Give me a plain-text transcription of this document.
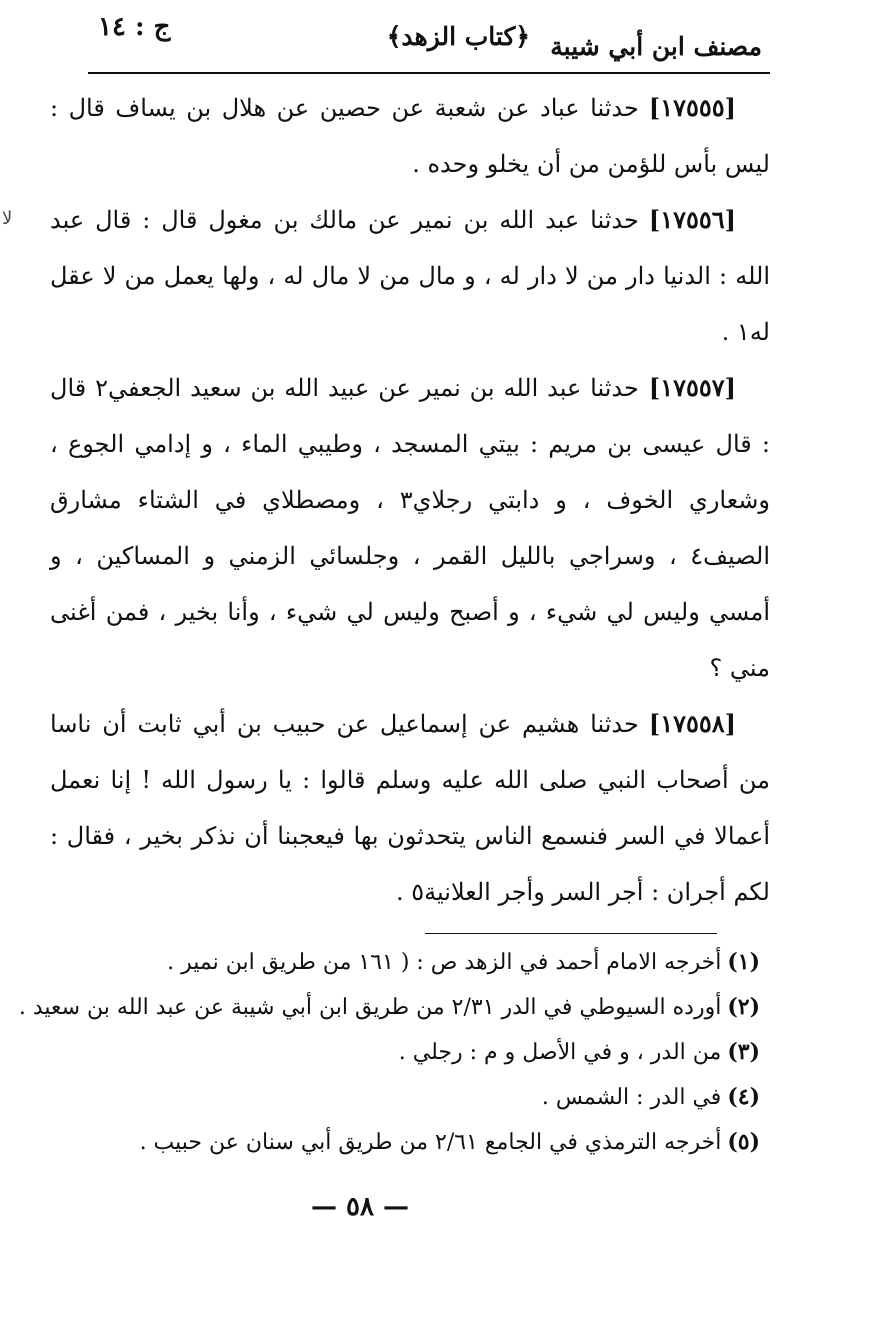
مصنف ابن أبي شيبة
﴿كتاب الزهد﴾
ج : ١٤
ﻻ

[١٧٥٥٥]حدثنا عباد عن شعبة عن حصين عن هلال بن يساف قال : ليس بأس للؤمن من أن يخلو وحده .

[١٧٥٥٦]حدثنا عبد الله بن نمير عن مالك بن مغول قال : قال عبد الله : الدنيا دار من لا دار له ، و مال من لا مال له ، ولها يعمل من لا عقل له١ .

[١٧٥٥٧]حدثنا عبد الله بن نمير عن عبيد الله بن سعيد الجعفي٢ قال : قال عيسى بن مريم : بيتي المسجد ، وطيبي الماء ، و إدامي الجوع ، وشعاري الخوف ، و دابتي رجلاي٣ ، ومصطلاي في الشتاء مشارق الصيف٤ ، وسراجي بالليل القمر ، وجلسائي الزمني و المساكين ، و أمسي وليس لي شيء ، و أصبح وليس لي شيء ، وأنا بخير ، فمن أغنى مني ؟

[١٧٥٥٨]حدثنا هشيم عن إسماعيل عن حبيب بن أبي ثابت أن ناسا من أصحاب النبي صلى الله عليه وسلم قالوا : يا رسول الله ! إنا نعمل أعمالا في السر فنسمع الناس يتحدثون بها فيعجبنا أن نذكر بخير ، فقال : لكم أجران : أجر السر وأجر العلانية٥ .

(١)أخرجه الامام أحمد في الزهد ص : ( ١٦١ من طريق ابن نمير .

(٢)أورده السيوطي في الدر ٢/٣١ من طريق ابن أبي شيبة عن عبد الله بن سعيد .

(٣)من الدر ، و في الأصل و م : رجلي .

(٤)في الدر : الشمس .

(٥)أخرجه الترمذي في الجامع ٢/٦١ من طريق أبي سنان عن حبيب .

— ٥٨ —
